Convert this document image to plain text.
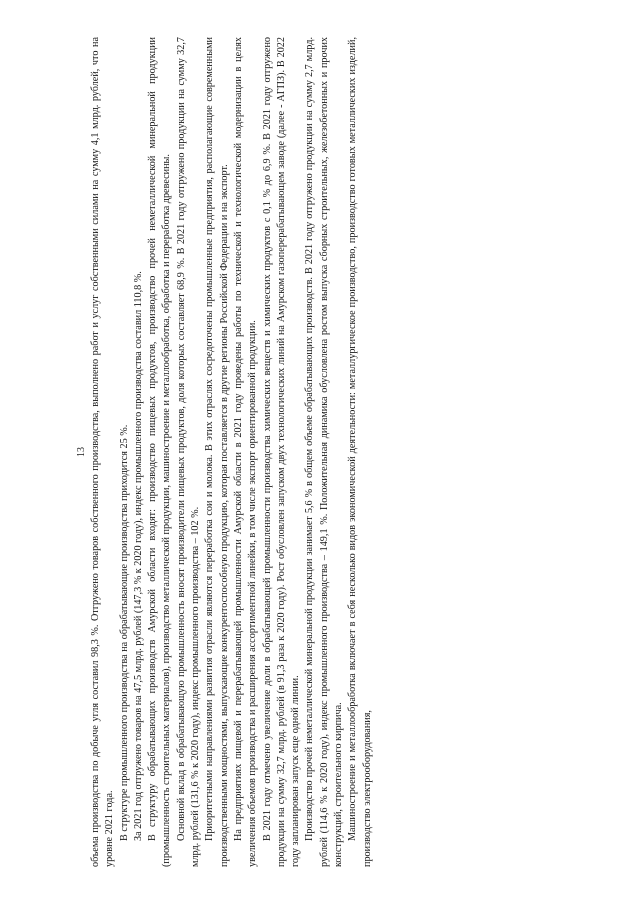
13 объема производства по добыче угля составил 98,3 %. Отгружено товаров собственного производства, выполнено работ и услуг собственными силами на сумму 4,1 млрд. рублей, что на уровне 2021 года. В структуре промышленного производства на обрабатывающие производства приходится 25 %. За 2021 год отгружено товаров на 47,5 млрд. рублей (147,3 % к 2020 году), индекс промышленного производства составил 110,8 %. В структуру обрабатывающих производств Амурской области входят: производство пищевых продуктов, производство прочей неметаллической минеральной продукции (промышленность строительных материалов), производство металлической продукции, машиностроение и металлообработка, обработка и переработка древесины. Основной вклад в обрабатывающую промышленность вносят производители пищевых продуктов, доля которых составляет 68,9 %. В 2021 году отгружено продукции на сумму 32,7 млрд. рублей (131,6 % к 2020 году), индекс промышленного производства – 102 %. Приоритетными направлениями развития отрасли являются переработка сои и молока. В этих отраслях сосредоточены промышленные предприятия, располагающие современными производственными мощностями, выпускающие конкурентоспособную продукцию, которая поставляется в другие регионы Российской Федерации и на экспорт. На предприятиях пищевой и перерабатывающей промышленности Амурской области в 2021 году проведены работы по технической и технологической модернизации в целях увеличения объемов производства и расширения ассортиментной линейки, в том числе экспорт ориентированной продукции. В 2021 году отмечено увеличение доли в обрабатывающей промышленности производства химических веществ и химических продуктов с 0,1 % до 6,9 %. В 2021 году отгружено продукции на сумму 32,7 млрд. рублей (в 91,3 раза к 2020 году). Рост обусловлен запуском двух технологических линий на Амурском газоперерабатывающем заводе (далее - АГПЗ). В 2022 году запланирован запуск еще одной линии. Производство прочей неметаллической минеральной продукции занимает 5,6 % в общем объеме обрабатывающих производств. В 2021 году отгружено продукции на сумму 2,7 млрд. рублей (114,6 % к 2020 году), индекс промышленного производства – 149,1 %. Положительная динамика обусловлена ростом выпуска сборных строительных, железобетонных и прочих конструкций, строительного кирпича. Машиностроение и металлообработка включает в себя несколько видов экономической деятельности: металлургическое производство, производство готовых металлических изделий, производство электрооборудования,
